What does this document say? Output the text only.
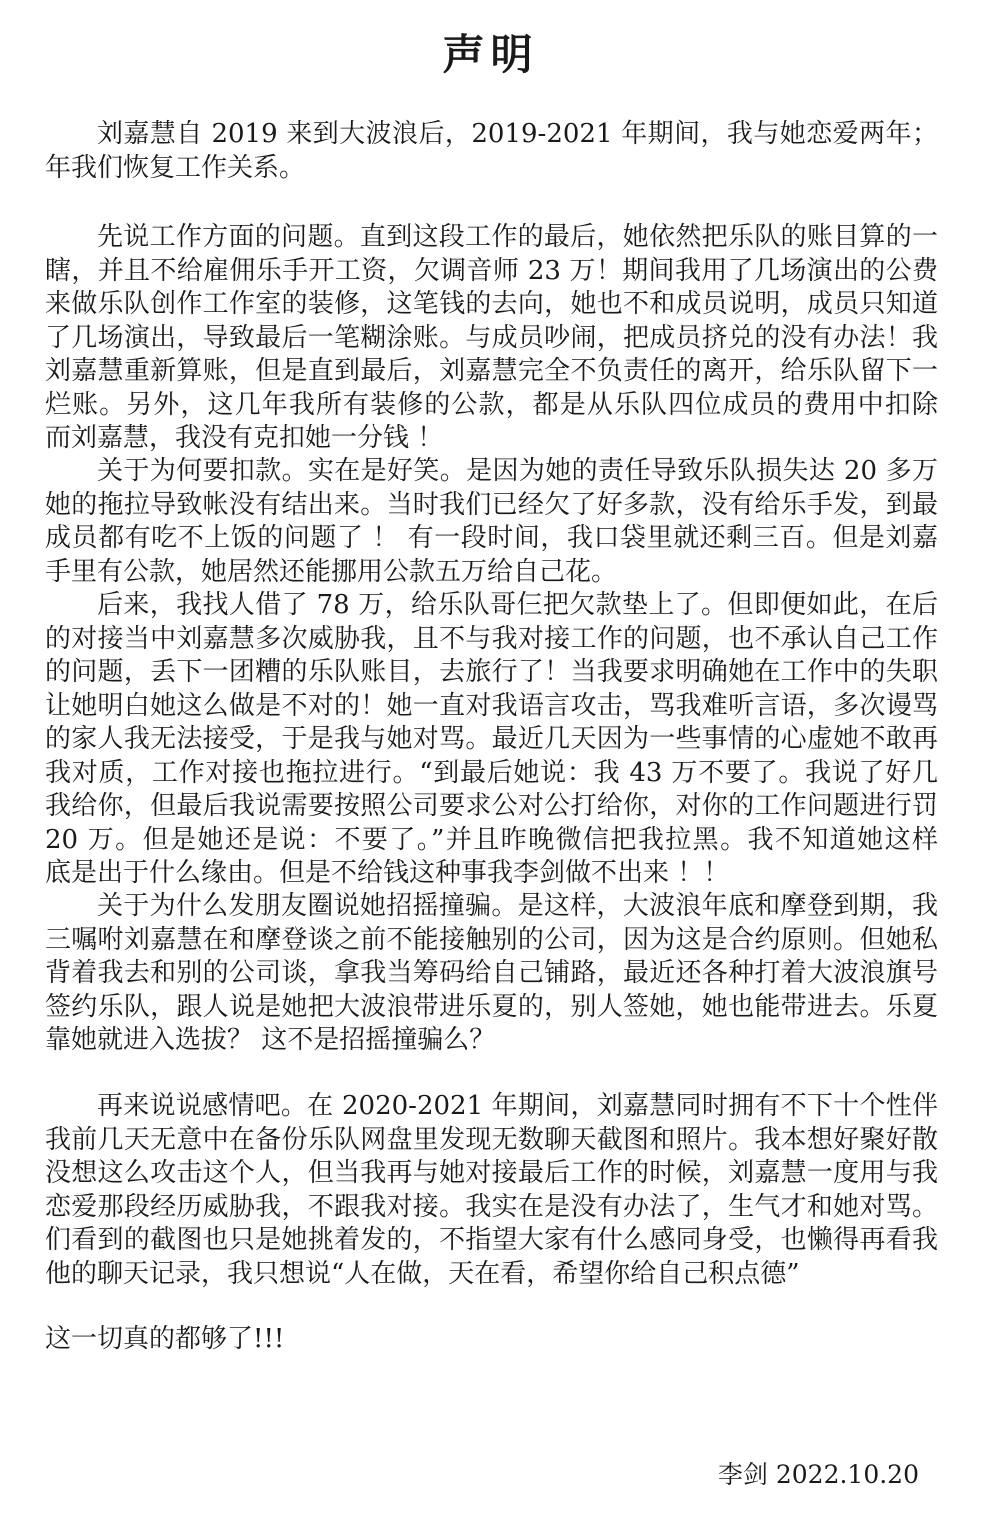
声明
刘嘉慧自 2019 来到大波浪后，2019-2021 年期间，我与她恋爱两年；
年我们恢复工作关系。
先说工作方面的问题。直到这段工作的最后，她依然把乐队的账目算的一
瞎，并且不给雇佣乐手开工资，欠调音师 23 万！期间我用了几场演出的公费
来做乐队创作工作室的装修，这笔钱的去向，她也不和成员说明，成员只知道
了几场演出，导致最后一笔糊涂账。与成员吵闹，把成员挤兑的没有办法！我
刘嘉慧重新算账，但是直到最后，刘嘉慧完全不负责任的离开，给乐队留下一
烂账。另外，这几年我所有装修的公款，都是从乐队四位成员的费用中扣除
而刘嘉慧，我没有克扣她一分钱 ！
关于为何要扣款。实在是好笑。是因为她的责任导致乐队损失达 20 多万
她的拖拉导致帐没有结出来。当时我们已经欠了好多款，没有给乐手发，到最
成员都有吃不上饭的问题了 ！ 有一段时间，我口袋里就还剩三百。但是刘嘉
手里有公款，她居然还能挪用公款五万给自己花。
后来，我找人借了 78 万，给乐队哥仨把欠款垫上了。但即便如此，在后
的对接当中刘嘉慧多次威胁我，且不与我对接工作的问题，也不承认自己工作
的问题，丢下一团糟的乐队账目，去旅行了！当我要求明确她在工作中的失职
让她明白她这么做是不对的！她一直对我语言攻击，骂我难听言语，多次谩骂
的家人我无法接受，于是我与她对骂。最近几天因为一些事情的心虚她不敢再
我对质，工作对接也拖拉进行。“到最后她说：我 43 万不要了。我说了好几
我给你，但最后我说需要按照公司要求公对公打给你，对你的工作问题进行罚
20 万。但是她还是说：不要了。”并且昨晚微信把我拉黑。我不知道她这样
底是出于什么缘由。但是不给钱这种事我李剑做不出来 ！！
关于为什么发朋友圈说她招摇撞骗。是这样，大波浪年底和摩登到期，我
三嘱咐刘嘉慧在和摩登谈之前不能接触别的公司，因为这是合约原则。但她私
背着我去和别的公司谈，拿我当筹码给自己铺路，最近还各种打着大波浪旗号
签约乐队，跟人说是她把大波浪带进乐夏的，别人签她，她也能带进去。乐夏
靠她就进入选拔？ 这不是招摇撞骗么？
再来说说感情吧。在 2020-2021 年期间，刘嘉慧同时拥有不下十个性伴
我前几天无意中在备份乐队网盘里发现无数聊天截图和照片。我本想好聚好散
没想这么攻击这个人，但当我再与她对接最后工作的时候，刘嘉慧一度用与我
恋爱那段经历威胁我，不跟我对接。我实在是没有办法了，生气才和她对骂。
们看到的截图也只是她挑着发的，不指望大家有什么感同身受，也懒得再看我
他的聊天记录，我只想说“人在做，天在看，希望你给自己积点德”
这一切真的都够了!!!
李剑 2022.10.20
